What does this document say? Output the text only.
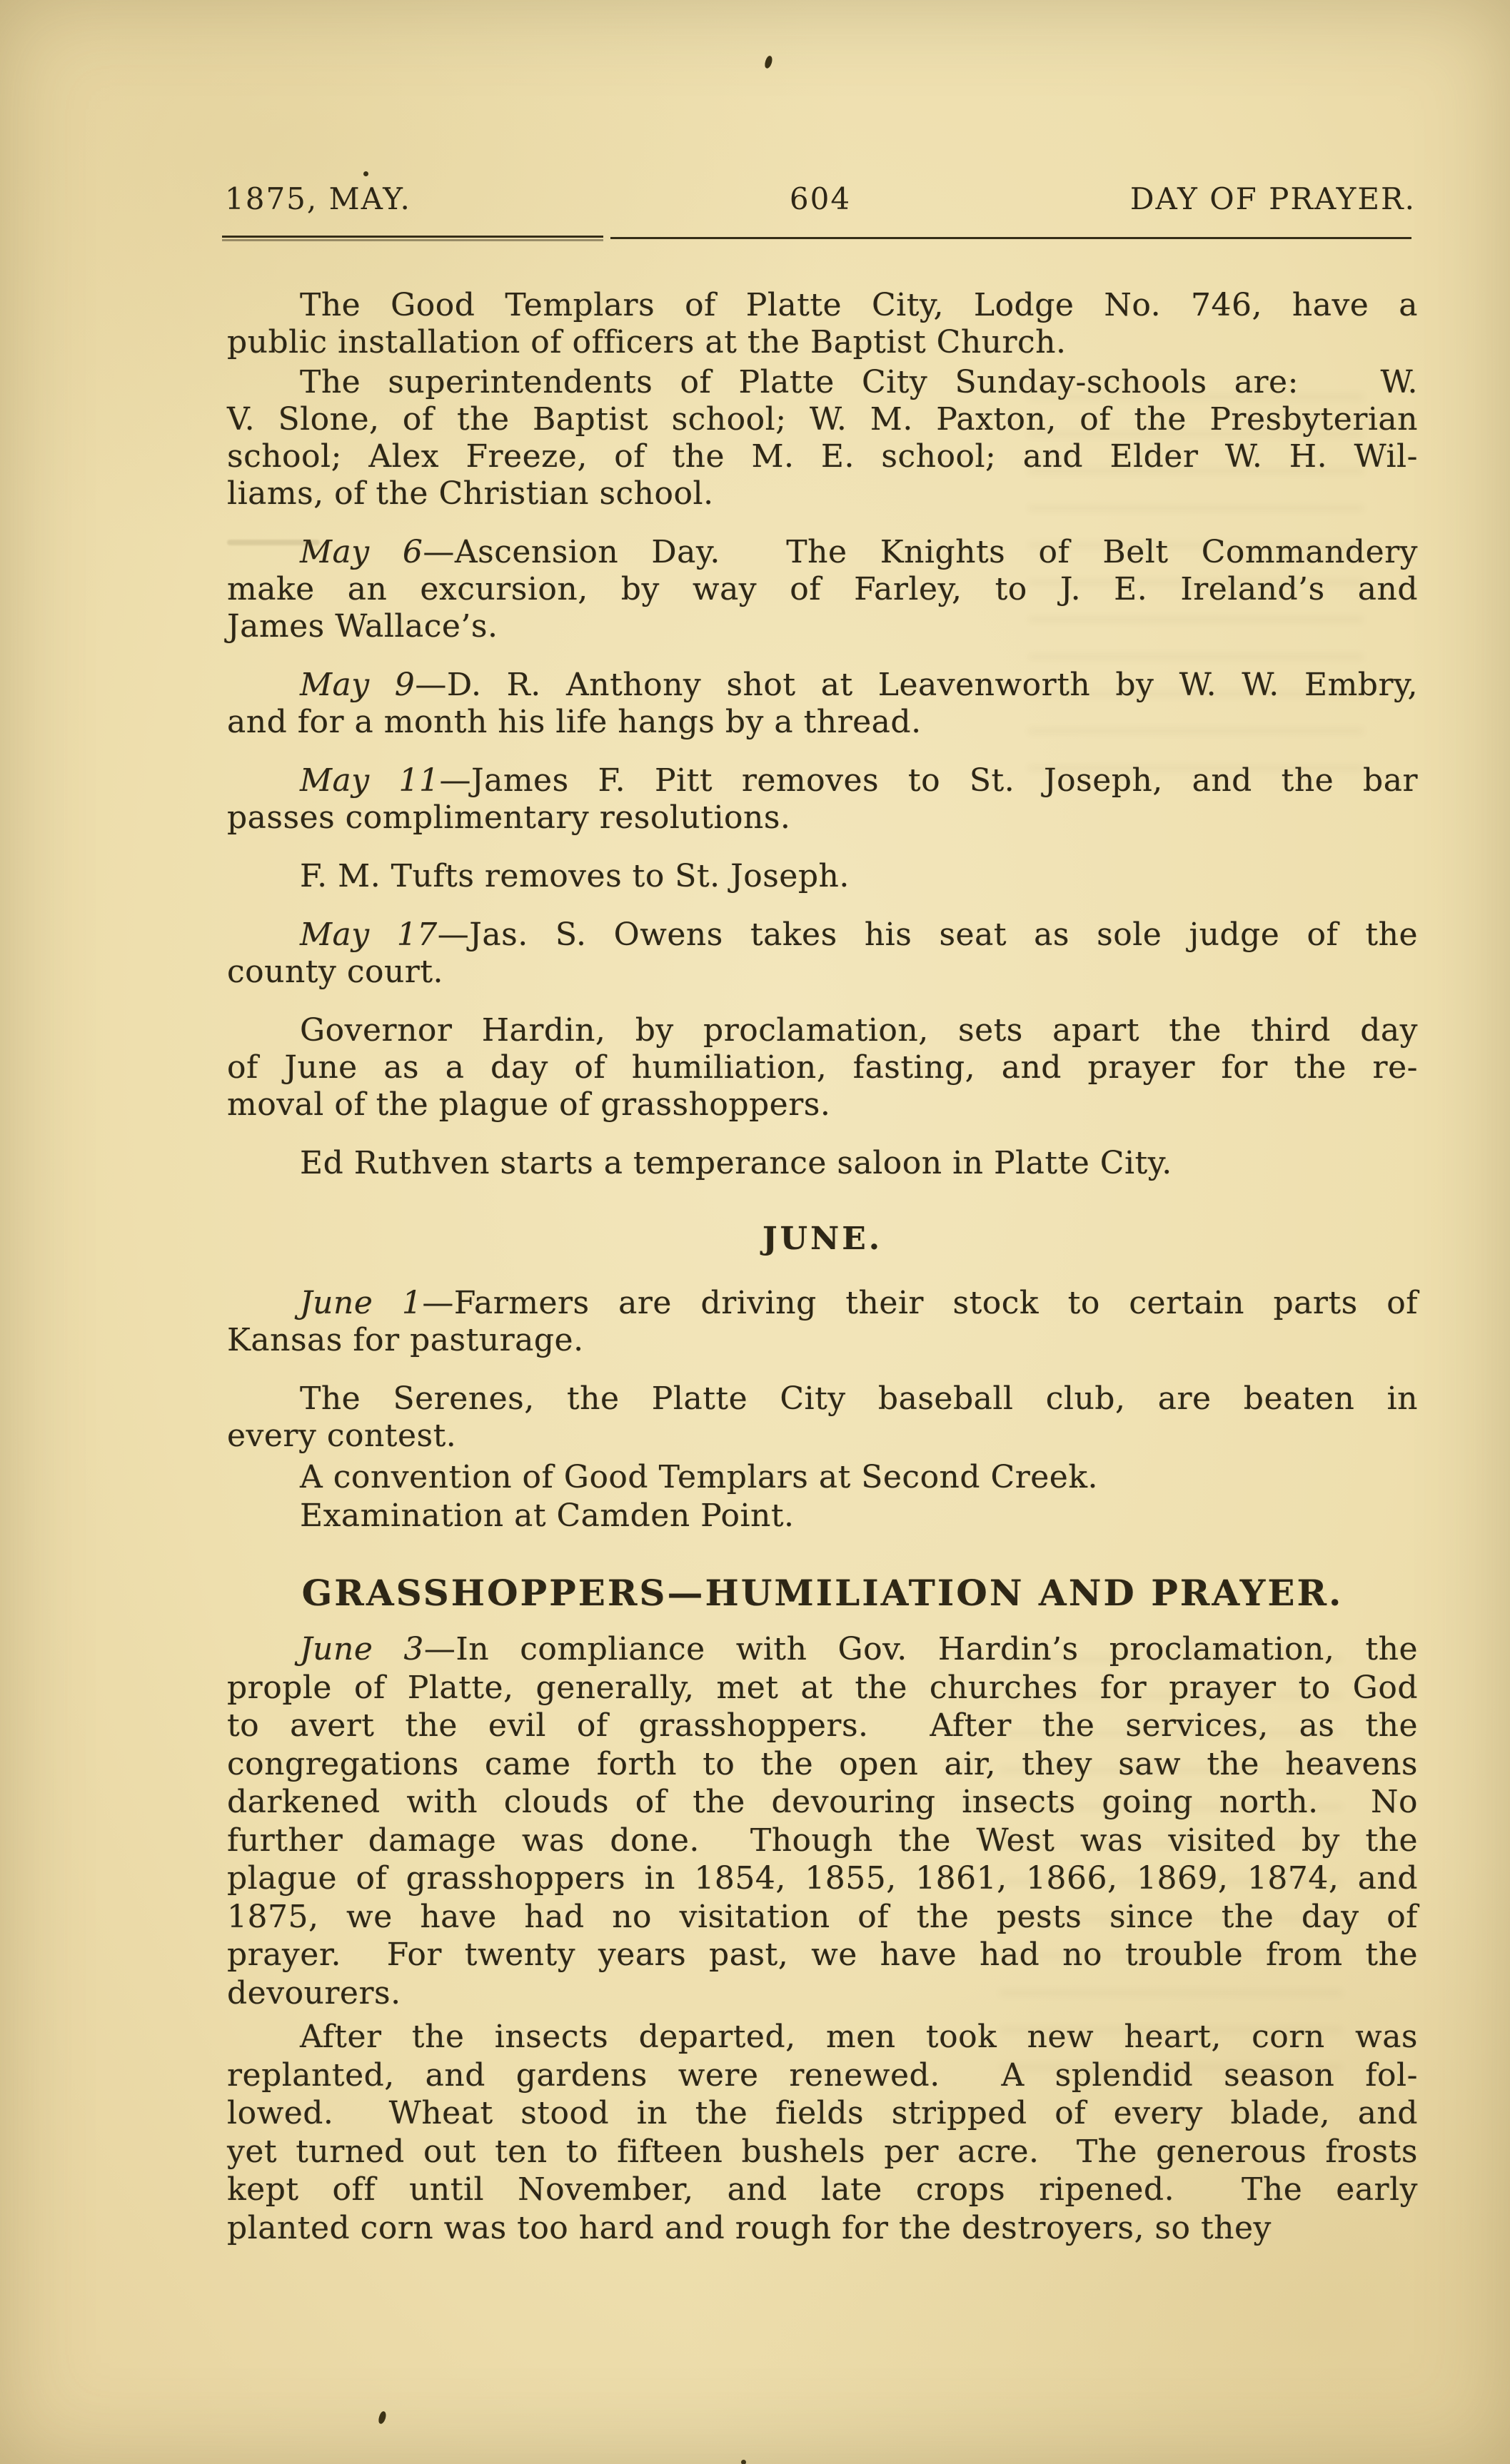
1875, MAY.	604	DAY OF PRAYER.
The Good Templars of Platte City, Lodge No. 746, have a
public installation of officers at the Baptist Church.
The superintendents of Platte City Sunday-schools are:   W.
V. Slone, of the Baptist school; W. M. Paxton, of the Presbyterian
school; Alex Freeze, of the M. E. school; and Elder W. H. Wil-
liams, of the Christian school.
May 6—Ascension Day.  The Knights of Belt Commandery
make an excursion, by way of Farley, to J. E. Ireland’s and
James Wallace’s.
May 9—D. R. Anthony shot at Leavenworth by W. W. Embry,
and for a month his life hangs by a thread.
May 11—James F. Pitt removes to St. Joseph, and the bar
passes complimentary resolutions.
F. M. Tufts removes to St. Joseph.
May 17—Jas. S. Owens takes his seat as sole judge of the
county court.
Governor Hardin, by proclamation, sets apart the third day
of June as a day of humiliation, fasting, and prayer for the re-
moval of the plague of grasshoppers.
Ed Ruthven starts a temperance saloon in Platte City.
JUNE.
June 1—Farmers are driving their stock to certain parts of
Kansas for pasturage.
The Serenes, the Platte City baseball club, are beaten in
every contest.
A convention of Good Templars at Second Creek.
Examination at Camden Point.
GRASSHOPPERS—HUMILIATION AND PRAYER.
June 3—In compliance with Gov. Hardin’s proclamation, the
prople of Platte, generally, met at the churches for prayer to God
to avert the evil of grasshoppers.  After the services, as the
congregations came forth to the open air, they saw the heavens
darkened with clouds of the devouring insects going north.  No
further damage was done.  Though the West was visited by the
plague of grasshoppers in 1854, 1855, 1861, 1866, 1869, 1874, and
1875, we have had no visitation of the pests since the day of
prayer.  For twenty years past, we have had no trouble from the
devourers.
After the insects departed, men took new heart, corn was
replanted, and gardens were renewed.  A splendid season fol-
lowed.  Wheat stood in the fields stripped of every blade, and
yet turned out ten to fifteen bushels per acre.  The generous frosts
kept off until November, and late crops ripened.  The early
planted corn was too hard and rough for the destroyers, so they
